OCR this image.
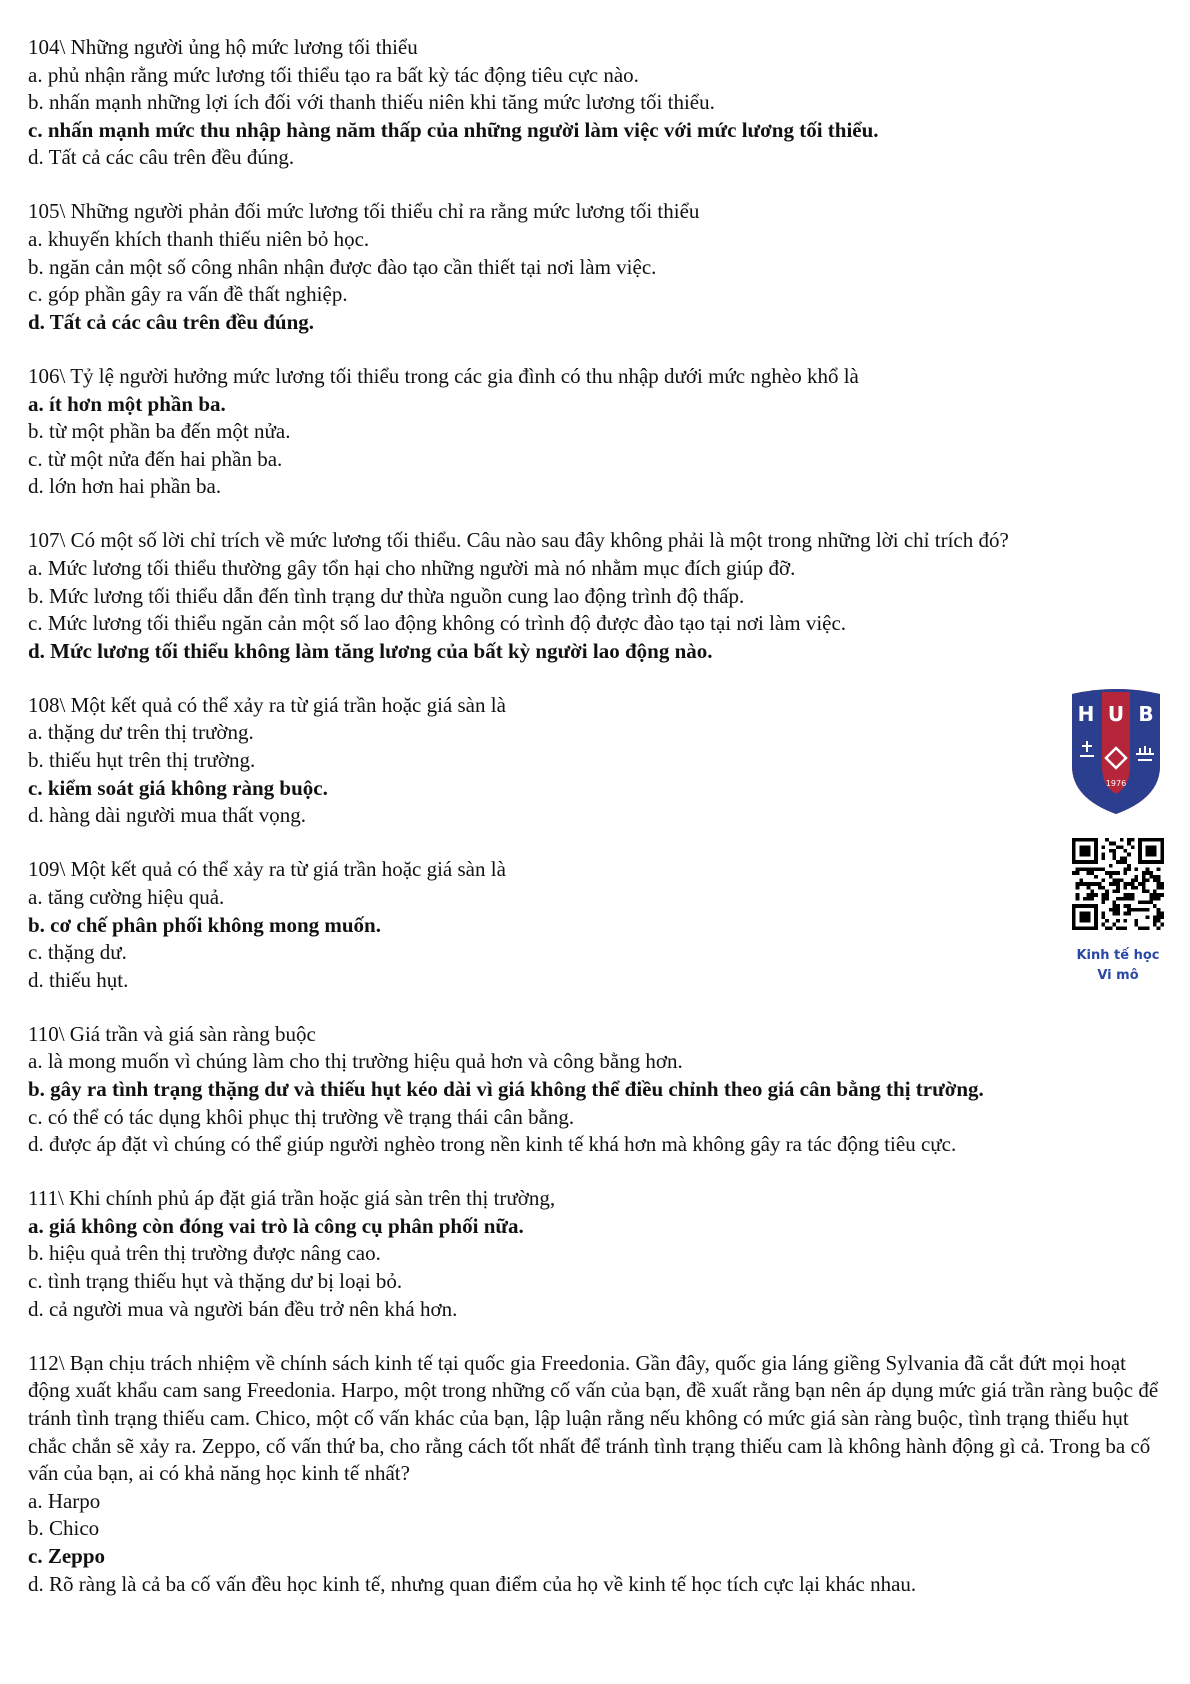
104\ Những người ủng hộ mức lương tối thiểu
a. phủ nhận rằng mức lương tối thiểu tạo ra bất kỳ tác động tiêu cực nào.
b. nhấn mạnh những lợi ích đối với thanh thiếu niên khi tăng mức lương tối thiểu.
c. nhấn mạnh mức thu nhập hàng năm thấp của những người làm việc với mức lương tối thiểu.
d. Tất cả các câu trên đều đúng.
105\ Những người phản đối mức lương tối thiểu chỉ ra rằng mức lương tối thiểu
a. khuyến khích thanh thiếu niên bỏ học.
b. ngăn cản một số công nhân nhận được đào tạo cần thiết tại nơi làm việc.
c. góp phần gây ra vấn đề thất nghiệp.
d. Tất cả các câu trên đều đúng.
106\ Tỷ lệ người hưởng mức lương tối thiểu trong các gia đình có thu nhập dưới mức nghèo khổ là
a. ít hơn một phần ba.
b. từ một phần ba đến một nửa.
c. từ một nửa đến hai phần ba.
d. lớn hơn hai phần ba.
107\ Có một số lời chỉ trích về mức lương tối thiểu. Câu nào sau đây không phải là một trong những lời chỉ trích đó?
a. Mức lương tối thiểu thường gây tổn hại cho những người mà nó nhằm mục đích giúp đỡ.
b. Mức lương tối thiểu dẫn đến tình trạng dư thừa nguồn cung lao động trình độ thấp.
c. Mức lương tối thiểu ngăn cản một số lao động không có trình độ được đào tạo tại nơi làm việc.
d. Mức lương tối thiểu không làm tăng lương của bất kỳ người lao động nào.
108\ Một kết quả có thể xảy ra từ giá trần hoặc giá sàn là
a. thặng dư trên thị trường.
b. thiếu hụt trên thị trường.
c. kiểm soát giá không ràng buộc.
d. hàng dài người mua thất vọng.
109\ Một kết quả có thể xảy ra từ giá trần hoặc giá sàn là
a. tăng cường hiệu quả.
b. cơ chế phân phối không mong muốn.
c. thặng dư.
d. thiếu hụt.
110\ Giá trần và giá sàn ràng buộc
a. là mong muốn vì chúng làm cho thị trường hiệu quả hơn và công bằng hơn.
b. gây ra tình trạng thặng dư và thiếu hụt kéo dài vì giá không thể điều chỉnh theo giá cân bằng thị trường.
c. có thể có tác dụng khôi phục thị trường về trạng thái cân bằng.
d. được áp đặt vì chúng có thể giúp người nghèo trong nền kinh tế khá hơn mà không gây ra tác động tiêu cực.
111\ Khi chính phủ áp đặt giá trần hoặc giá sàn trên thị trường,
a. giá không còn đóng vai trò là công cụ phân phối nữa.
b. hiệu quả trên thị trường được nâng cao.
c. tình trạng thiếu hụt và thặng dư bị loại bỏ.
d. cả người mua và người bán đều trở nên khá hơn.
112\ Bạn chịu trách nhiệm về chính sách kinh tế tại quốc gia Freedonia. Gần đây, quốc gia láng giềng Sylvania đã cắt đứt mọi hoạt động xuất khẩu cam sang Freedonia. Harpo, một trong những cố vấn của bạn, đề xuất rằng bạn nên áp dụng mức giá trần ràng buộc để tránh tình trạng thiếu cam. Chico, một cố vấn khác của bạn, lập luận rằng nếu không có mức giá sàn ràng buộc, tình trạng thiếu hụt chắc chắn sẽ xảy ra. Zeppo, cố vấn thứ ba, cho rằng cách tốt nhất để tránh tình trạng thiếu cam là không hành động gì cả. Trong ba cố vấn của bạn, ai có khả năng học kinh tế nhất?
a. Harpo
b. Chico
c. Zeppo
d. Rõ ràng là cả ba cố vấn đều học kinh tế, nhưng quan điểm của họ về kinh tế học tích cực lại khác nhau.
H U B
1976
Kinh tế học
Vi mô
